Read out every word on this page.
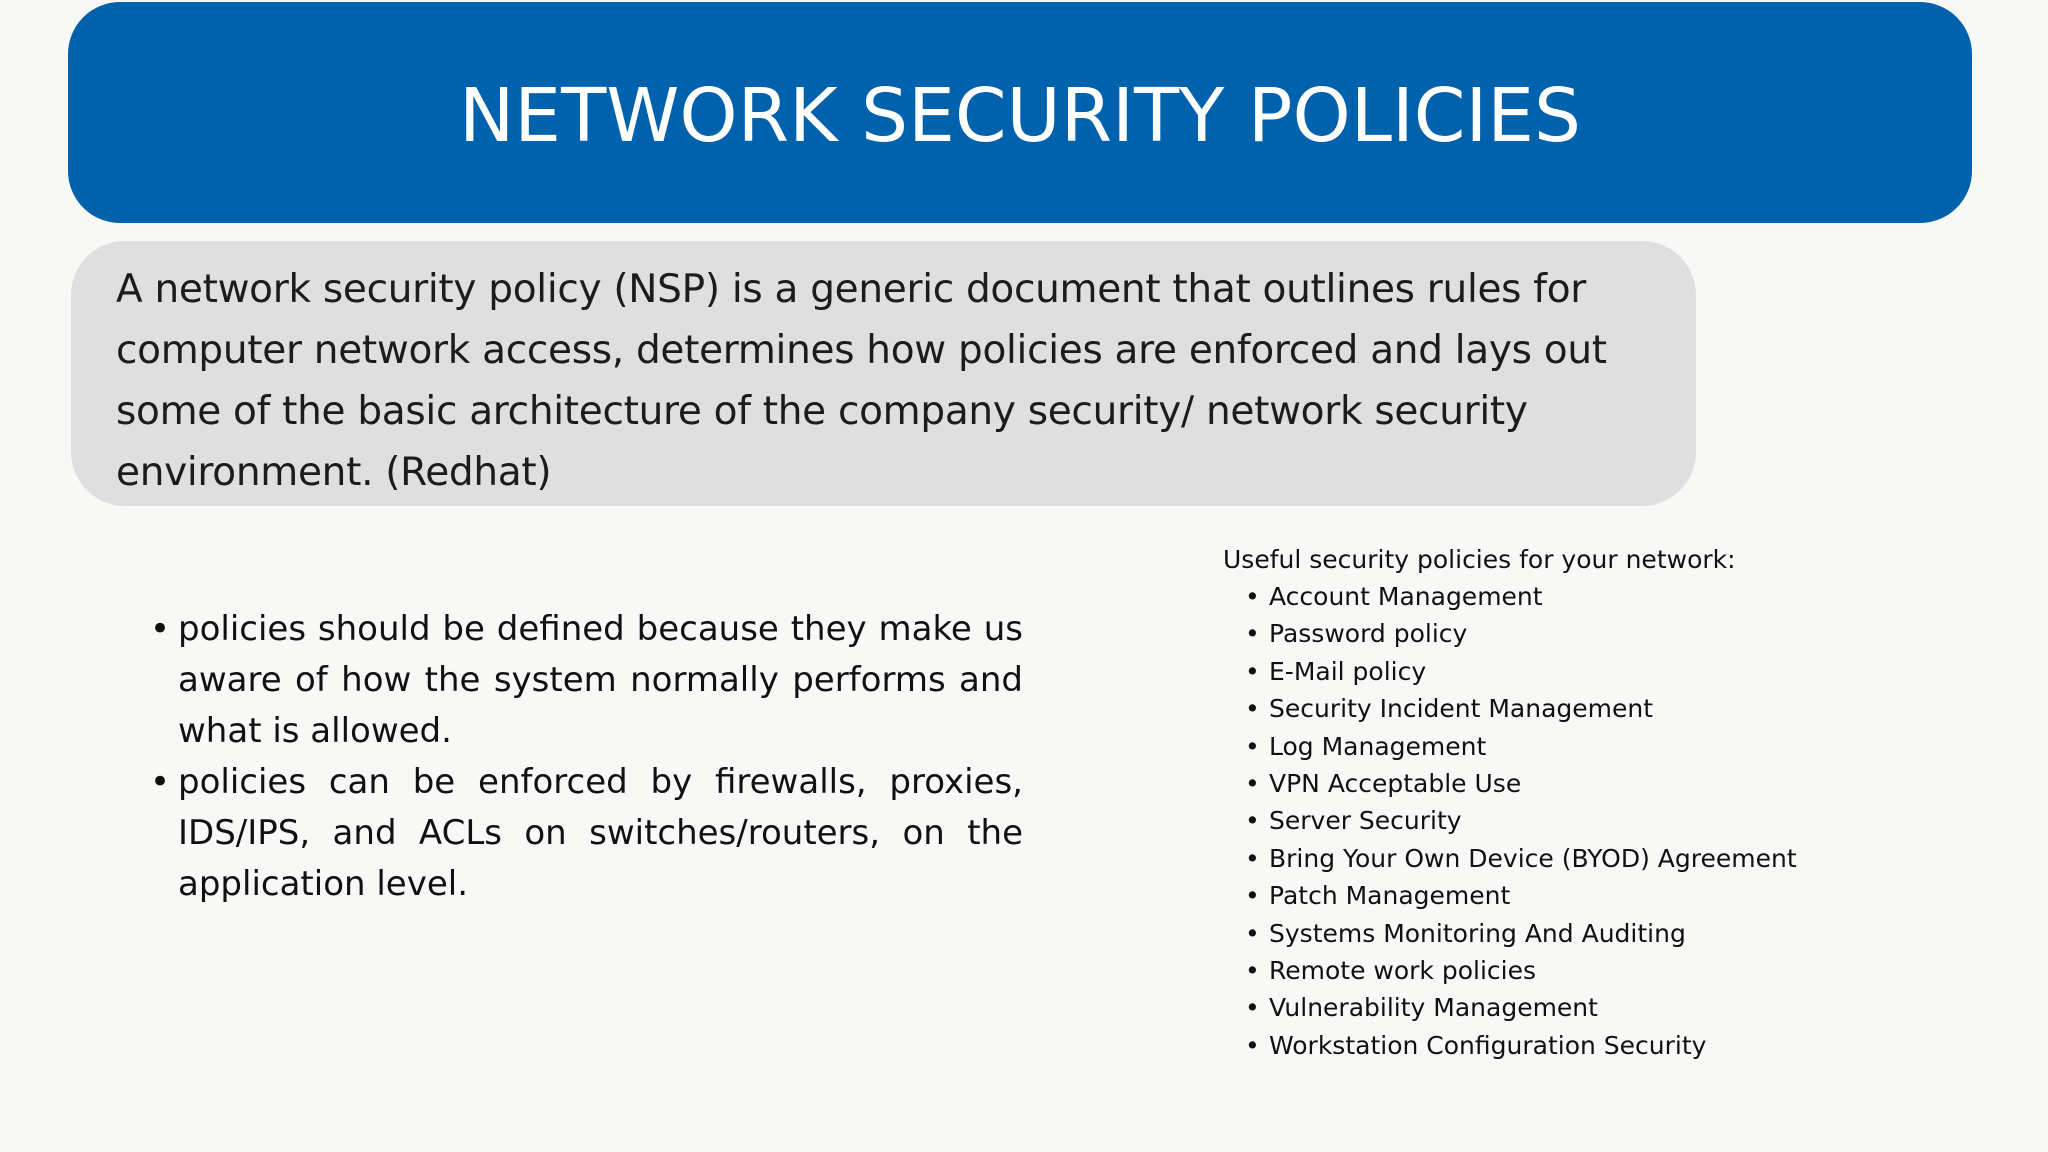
NETWORK SECURITY POLICIES

A network security policy (NSP) is a generic document that outlines rules for computer network access, determines how policies are enforced and lays out some of the basic architecture of the company security/ network security environment. (Redhat)

• policies should be defined because they make us aware of how the system normally performs and what is allowed.
• policies can be enforced by firewalls, proxies, IDS/IPS, and ACLs on switches/routers, on the application level.

Useful security policies for your network:

• Account Management
• Password policy
• E-Mail policy
• Security Incident Management
• Log Management
• VPN Acceptable Use
• Server Security
• Bring Your Own Device (BYOD) Agreement
• Patch Management
• Systems Monitoring And Auditing
• Remote work policies
• Vulnerability Management
• Workstation Configuration Security
